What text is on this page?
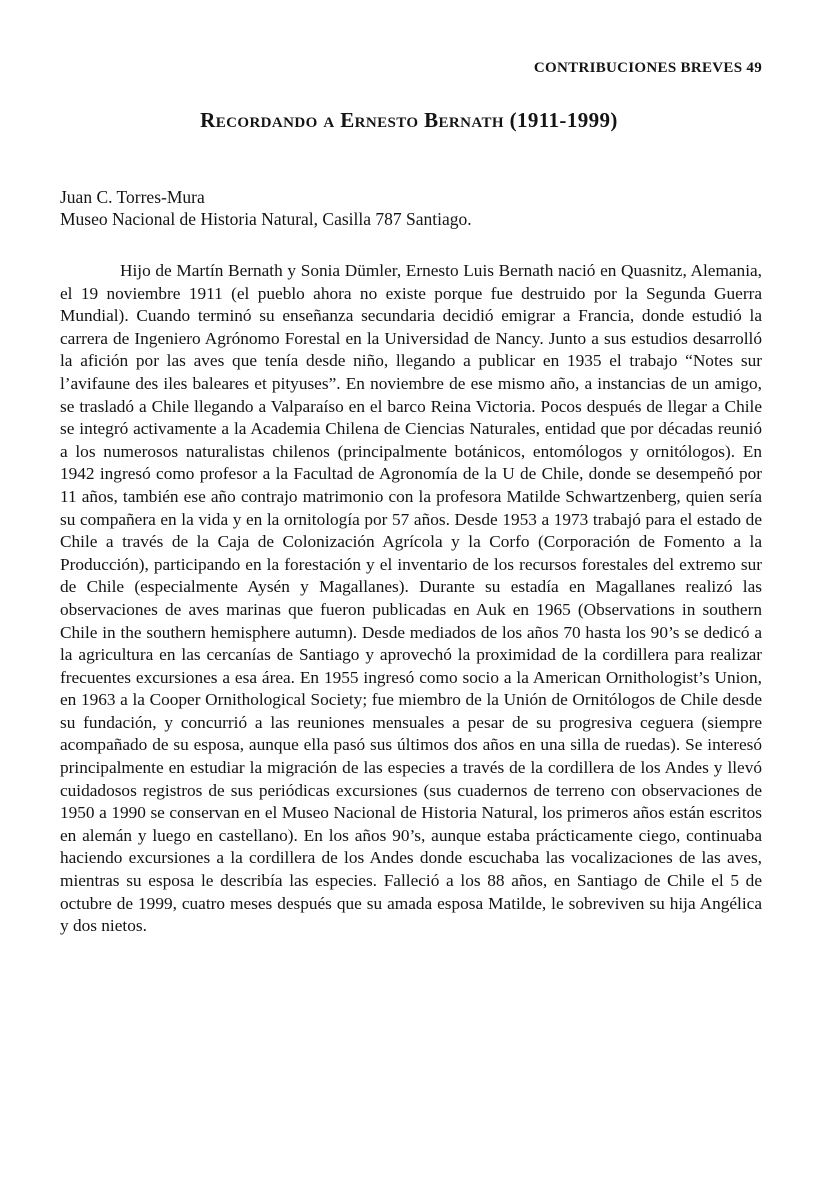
CONTRIBUCIONES BREVES 49
Recordando a Ernesto Bernath (1911-1999)
Juan C. Torres-Mura
Museo Nacional de Historia Natural, Casilla 787 Santiago.

Hijo de Martín Bernath y Sonia Dümler, Ernesto Luis Bernath nació en Quasnitz, Alemania, el 19 noviembre 1911 (el pueblo ahora no existe porque fue destruido por la Segunda Guerra Mundial). Cuando terminó su enseñanza secundaria decidió emigrar a Francia, donde estudió la carrera de Ingeniero Agrónomo Forestal en la Universidad de Nancy. Junto a sus estudios desarrolló la afición por las aves que tenía desde niño, llegando a publicar en 1935 el trabajo “Notes sur l’avifaune des iles baleares et pityuses”. En noviembre de ese mismo año, a instancias de un amigo, se trasladó a Chile llegando a Valparaíso en el barco Reina Victoria. Pocos después de llegar a Chile se integró activamente a la Academia Chilena de Ciencias Naturales, entidad que por décadas reunió a los numerosos naturalistas chilenos (principalmente botánicos, entomólogos y ornitólogos). En 1942 ingresó como profesor a la Facultad de Agronomía de la U de Chile, donde se desempeñó por 11 años, también ese año contrajo matrimonio con la profesora Matilde Schwartzenberg, quien sería su compañera en la vida y en la ornitología por 57 años. Desde 1953 a 1973 trabajó para el estado de Chile a través de la Caja de Colonización Agrícola y la Corfo (Corporación de Fomento a la Producción), participando en la forestación y el inventario de los recursos forestales del extremo sur de Chile (especialmente Aysén y Magallanes). Durante su estadía en Magallanes realizó las observaciones de aves marinas que fueron publicadas en Auk en 1965 (Observations in southern Chile in the southern hemisphere autumn). Desde mediados de los años 70 hasta los 90’s se dedicó a la agricultura en las cercanías de Santiago y aprovechó la proximidad de la cordillera para realizar frecuentes excursiones a esa área. En 1955 ingresó como socio a la American Ornithologist’s Union, en 1963 a la Cooper Ornithological Society; fue miembro de la Unión de Ornitólogos de Chile desde su fundación, y concurrió a las reuniones mensuales a pesar de su progresiva ceguera (siempre acompañado de su esposa, aunque ella pasó sus últimos dos años en una silla de ruedas). Se interesó principalmente en estudiar la migración de las especies a través de la cordillera de los Andes y llevó cuidadosos registros de sus periódicas excursiones (sus cuadernos de terreno con observaciones de 1950 a 1990 se conservan en el Museo Nacional de Historia Natural, los primeros años están escritos en alemán y luego en castellano). En los años 90’s, aunque estaba prácticamente ciego, continuaba haciendo excursiones a la cordillera de los Andes donde escuchaba las vocalizaciones de las aves, mientras su esposa le describía las especies. Falleció a los 88 años, en Santiago de Chile el 5 de octubre de 1999, cuatro meses después que su amada esposa Matilde, le sobreviven su hija Angélica y dos nietos.
